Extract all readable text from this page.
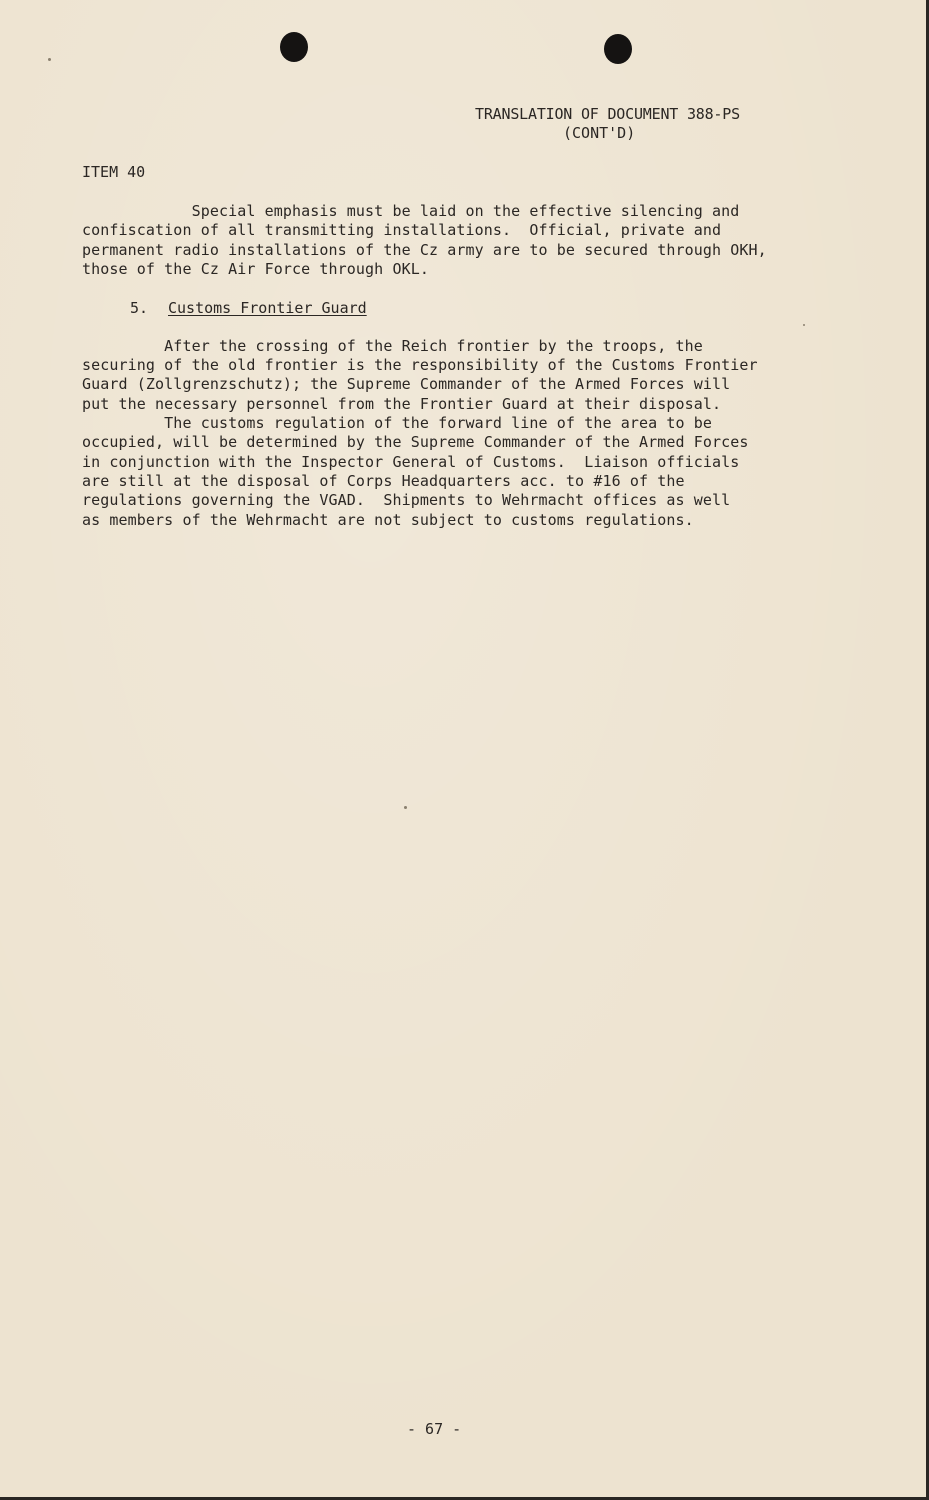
TRANSLATION OF DOCUMENT 388-PS
(CONT'D)
ITEM 40
Special emphasis must be laid on the effective silencing and
confiscation of all transmitting installations.  Official, private and
permanent radio installations of the Cz army are to be secured through OKH,
those of the Cz Air Force through OKL.
5. Customs Frontier Guard
After the crossing of the Reich frontier by the troops, the
securing of the old frontier is the responsibility of the Customs Frontier
Guard (Zollgrenzschutz); the Supreme Commander of the Armed Forces will
put the necessary personnel from the Frontier Guard at their disposal.
The customs regulation of the forward line of the area to be
occupied, will be determined by the Supreme Commander of the Armed Forces
in conjunction with the Inspector General of Customs.  Liaison officials
are still at the disposal of Corps Headquarters acc. to #16 of the
regulations governing the VGAD.  Shipments to Wehrmacht offices as well
as members of the Wehrmacht are not subject to customs regulations.
- 67 -
